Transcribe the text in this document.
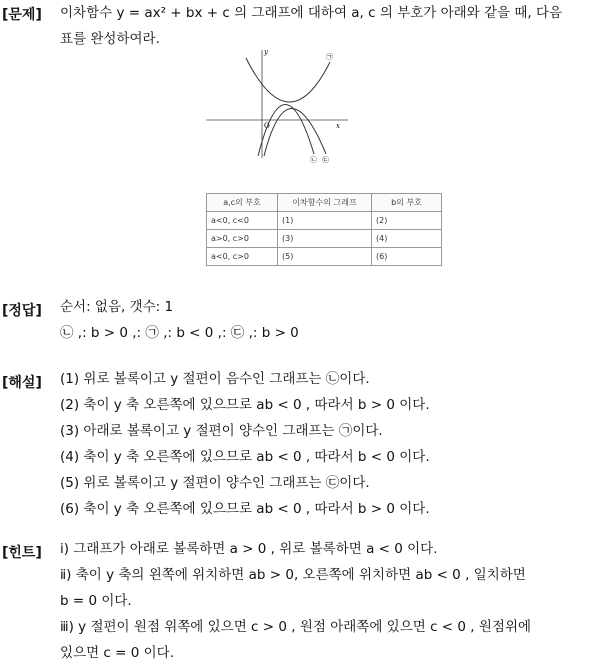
[문제] 이차함수 y = ax² + bx + c 의 그래프에 대하여 a, c 의 부호가 아래와 같을 때, 다음
표를 완성하여라.
y
x
O
㉠
㉡ ㉢
a,c의 부호	이차함수의 그래프	b의 부호
a<0, c<0	(1)	(2)
a>0, c>0	(3)	(4)
a<0, c>0	(5)	(6)
[정답] 순서: 없음, 갯수: 1
㉡ ,: b > 0 ,: ㉠ ,: b < 0 ,: ㉢ ,: b > 0
[해설] (1) 위로 볼록이고 y 절편이 음수인 그래프는 ㉡이다.
(2) 축이 y 축 오른쪽에 있으므로 ab < 0 , 따라서 b > 0 이다.
(3) 아래로 볼록이고 y 절편이 양수인 그래프는 ㉠이다.
(4) 축이 y 축 오른쪽에 있으므로 ab < 0 , 따라서 b < 0 이다.
(5) 위로 볼록이고 y 절편이 양수인 그래프는 ㉢이다.
(6) 축이 y 축 오른쪽에 있으므로 ab < 0 , 따라서 b > 0 이다.
[힌트] ⅰ) 그래프가 아래로 볼록하면 a > 0 , 위로 볼록하면 a < 0 이다.
ⅱ) 축이 y 축의 왼쪽에 위치하면 ab > 0, 오른쪽에 위치하면 ab < 0 , 일치하면
b = 0 이다.
ⅲ) y 절편이 원점 위쪽에 있으면 c > 0 , 원점 아래쪽에 있으면 c < 0 , 원점위에
있으면 c = 0 이다.
